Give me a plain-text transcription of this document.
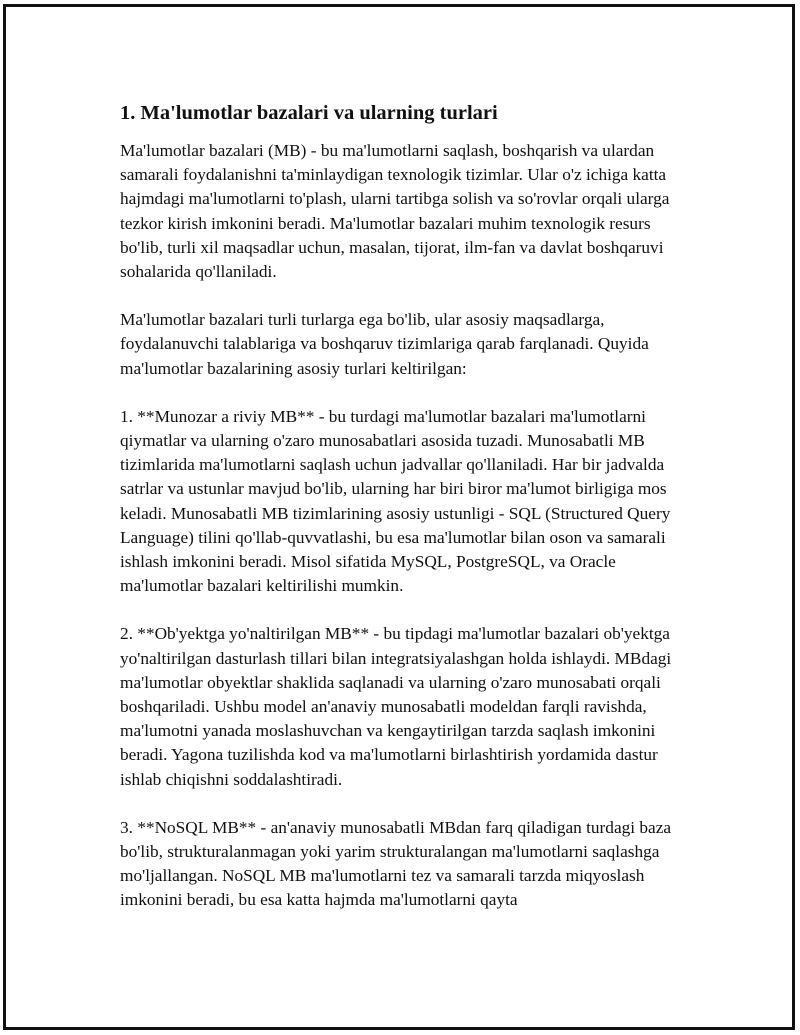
1. Ma'lumotlar bazalari va ularning turlari

Ma'lumotlar bazalari (MB) - bu ma'lumotlarni saqlash, boshqarish va ulardan samarali foydalanishni ta'minlaydigan texnologik tizimlar. Ular o'z ichiga katta hajmdagi ma'lumotlarni to'plash, ularni tartibga solish va so'rovlar orqali ularga tezkor kirish imkonini beradi. Ma'lumotlar bazalari muhim texnologik resurs bo'lib, turli xil maqsadlar uchun, masalan, tijorat, ilm-fan va davlat boshqaruvi sohalarida qo'llaniladi.

Ma'lumotlar bazalari turli turlarga ega bo'lib, ular asosiy maqsadlarga, foydalanuvchi talablariga va boshqaruv tizimlariga qarab farqlanadi. Quyida ma'lumotlar bazalarining asosiy turlari keltirilgan:

1. **Munozar a riviy MB** - bu turdagi ma'lumotlar bazalari ma'lumotlarni qiymatlar va ularning o'zaro munosabatlari asosida tuzadi. Munosabatli MB tizimlarida ma'lumotlarni saqlash uchun jadvallar qo'llaniladi. Har bir jadvalda satrlar va ustunlar mavjud bo'lib, ularning har biri biror ma'lumot birligiga mos keladi. Munosabatli MB tizimlarining asosiy ustunligi - SQL (Structured Query Language) tilini qo'llab-quvvatlashi, bu esa ma'lumotlar bilan oson va samarali ishlash imkonini beradi. Misol sifatida MySQL, PostgreSQL, va Oracle ma'lumotlar bazalari keltirilishi mumkin.

2. **Ob'yektga yo'naltirilgan MB** - bu tipdagi ma'lumotlar bazalari ob'yektga yo'naltirilgan dasturlash tillari bilan integratsiyalashgan holda ishlaydi. MBdagi ma'lumotlar obyektlar shaklida saqlanadi va ularning o'zaro munosabati orqali boshqariladi. Ushbu model an'anaviy munosabatli modeldan farqli ravishda, ma'lumotni yanada moslashuvchan va kengaytirilgan tarzda saqlash imkonini beradi. Yagona tuzilishda kod va ma'lumotlarni birlashtirish yordamida dastur ishlab chiqishni soddalashtiradi.

3. **NoSQL MB** - an'anaviy munosabatli MBdan farq qiladigan turdagi baza bo'lib, strukturalanmagan yoki yarim strukturalangan ma'lumotlarni saqlashga mo'ljallangan. NoSQL MB ma'lumotlarni tez va samarali tarzda miqyoslash imkonini beradi, bu esa katta hajmda ma'lumotlarni qayta
